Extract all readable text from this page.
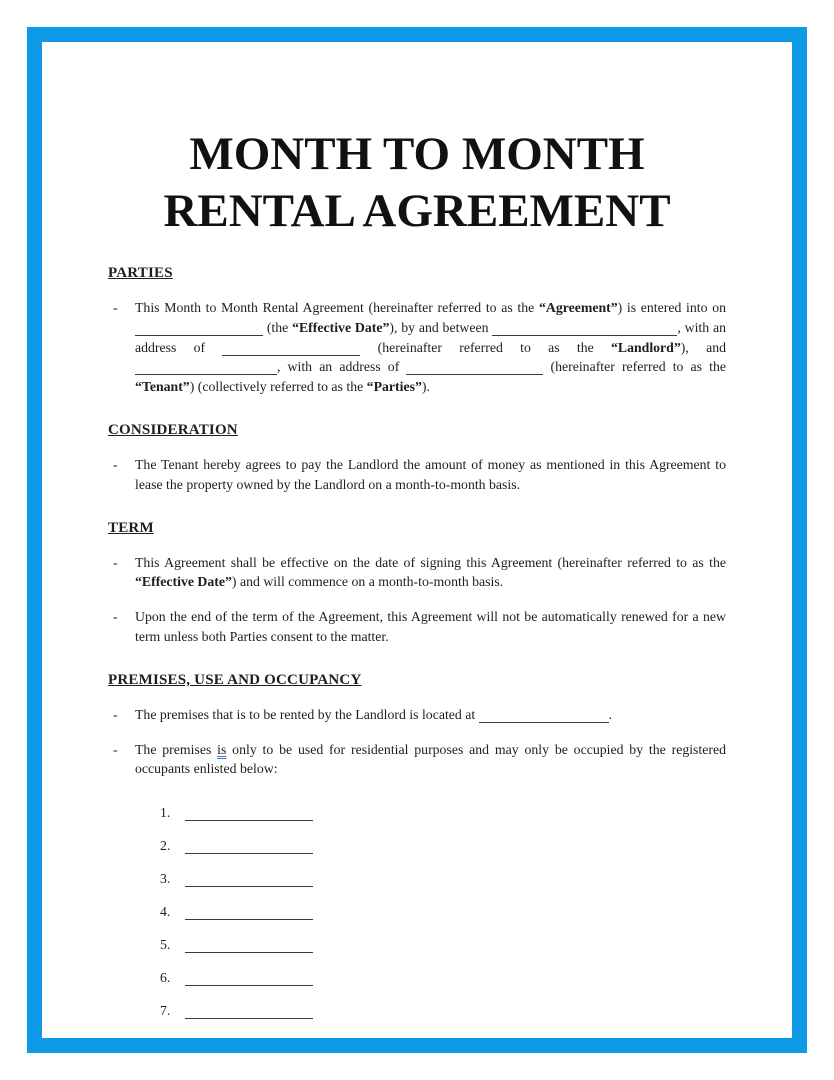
MONTH TO MONTH
RENTAL AGREEMENT
PARTIES
- This Month to Month Rental Agreement (hereinafter referred to as the “Agreement”) is entered into on  (the “Effective Date”), by and between	, with an address of	(hereinafter referred to as the “Landlord”), and , with an address of	(hereinafter referred to as the “Tenant”) (collectively referred to as the “Parties”).
CONSIDERATION
- The Tenant hereby agrees to pay the Landlord the amount of money as mentioned in this Agreement to lease the property owned by the Landlord on a month-to-month basis.
TERM
- This Agreement shall be effective on the date of signing this Agreement (hereinafter referred to as the “Effective Date”) and will commence on a month-to-month basis.
- Upon the end of the term of the Agreement, this Agreement will not be automatically renewed for a new term unless both Parties consent to the matter.
PREMISES, USE AND OCCUPANCY
- The premises that is to be rented by the Landlord is located at	.
- The premises is only to be used for residential purposes and may only be occupied by the registered occupants enlisted below:
1.
2.
3.
4.
5.
6.
7.
